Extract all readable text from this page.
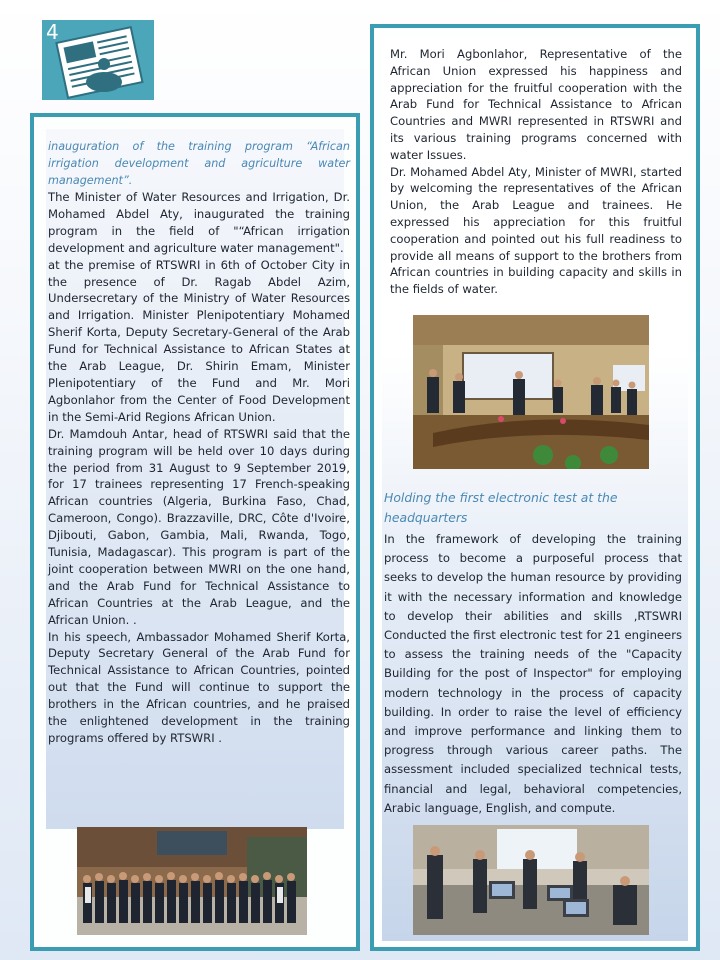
4

inauguration of the training program “African irrigation development and agriculture water management”.

The Minister of Water Resources and Irrigation, Dr. Mohamed Abdel Aty, inaugurated the training program in the field of "“African irrigation development and agriculture water management".

at the premise of RTSWRI in 6th of October City in the presence of Dr. Ragab Abdel Azim, Undersecretary of the Ministry of Water Resources and Irrigation. Minister Plenipotentiary Mohamed Sherif Korta, Deputy Secretary-General of the Arab Fund for Technical Assistance to African States at the Arab League, Dr. Shirin Emam, Minister Plenipotentiary of the Fund and Mr. Mori Agbonlahor from the Center of Food Development in the Semi-Arid Regions African Union.

Dr. Mamdouh Antar, head of RTSWRI said that the training program will be held over 10 days during the period from 31 August to 9 September 2019, for 17 trainees representing 17 French-speaking African countries (Algeria, Burkina Faso, Chad, Cameroon, Congo). Brazzaville, DRC, Côte d'Ivoire, Djibouti, Gabon, Gambia, Mali, Rwanda, Togo, Tunisia, Madagascar). This program is part of the joint cooperation between MWRI on the one hand, and the Arab Fund for Technical Assistance to African Countries at the Arab League, and the African Union. .

In his speech, Ambassador Mohamed Sherif Korta, Deputy Secretary General of the Arab Fund for Technical Assistance to African Countries, pointed out that the Fund will continue to support the brothers in the African countries, and he praised the enlightened development in the training programs offered by RTSWRI .

Mr. Mori Agbonlahor, Representative of the African Union expressed his happiness and appreciation for the fruitful cooperation with the Arab Fund for Technical Assistance to African Countries and MWRI represented in RTSWRI and its various training programs concerned with water Issues.

Dr. Mohamed Abdel Aty, Minister of MWRI, started by welcoming the representatives of the African Union, the Arab League and trainees. He expressed his appreciation for this fruitful cooperation and pointed out his full readiness to provide all means of support to the brothers from African countries in building capacity and skills in the fields of water.

Holding the first electronic test at the headquarters

In the framework of developing the training process to become a purposeful process that seeks to develop the human resource by providing it with the necessary information and knowledge to develop their abilities and skills ,RTSWRI Conducted the first electronic test for 21 engineers to assess the training needs of the "Capacity Building for the post of Inspector" for employing modern technology in the process of capacity building. In order to raise the level of efficiency and improve performance and linking them to progress through various career paths. The assessment included specialized technical tests, financial and legal, behavioral competencies, Arabic language, English, and compute.
